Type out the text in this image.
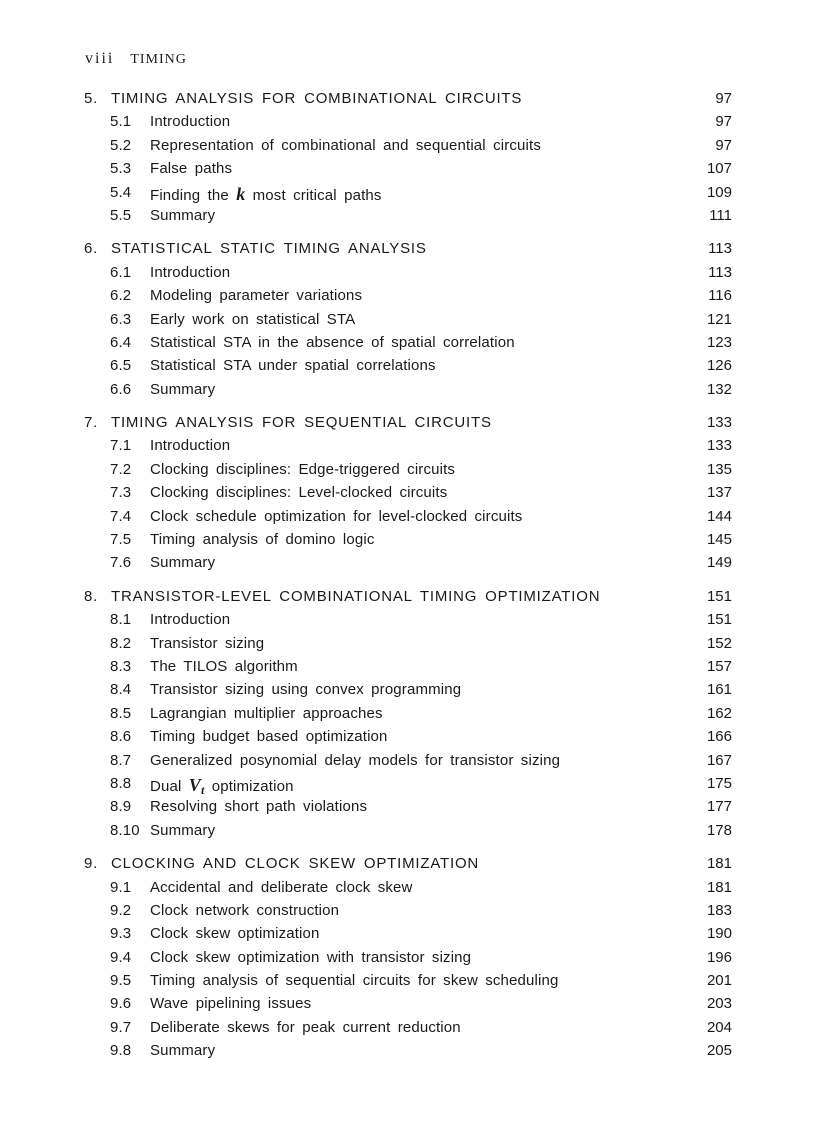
viii TIMING
5. TIMING ANALYSIS FOR COMBINATIONAL CIRCUITS	97
5.1 Introduction	97
5.2 Representation of combinational and sequential circuits	97
5.3 False paths	107
5.4 Finding the k most critical paths	109
5.5 Summary	111
6. STATISTICAL STATIC TIMING ANALYSIS	113
6.1 Introduction	113
6.2 Modeling parameter variations	116
6.3 Early work on statistical STA	121
6.4 Statistical STA in the absence of spatial correlation	123
6.5 Statistical STA under spatial correlations	126
6.6 Summary	132
7. TIMING ANALYSIS FOR SEQUENTIAL CIRCUITS	133
7.1 Introduction	133
7.2 Clocking disciplines: Edge-triggered circuits	135
7.3 Clocking disciplines: Level-clocked circuits	137
7.4 Clock schedule optimization for level-clocked circuits	144
7.5 Timing analysis of domino logic	145
7.6 Summary	149
8. TRANSISTOR-LEVEL COMBINATIONAL TIMING OPTIMIZATION	151
8.1 Introduction	151
8.2 Transistor sizing	152
8.3 The TILOS algorithm	157
8.4 Transistor sizing using convex programming	161
8.5 Lagrangian multiplier approaches	162
8.6 Timing budget based optimization	166
8.7 Generalized posynomial delay models for transistor sizing	167
8.8 Dual $V_t$ optimization	175
8.9 Resolving short path violations	177
8.10 Summary	178
9. CLOCKING AND CLOCK SKEW OPTIMIZATION	181
9.1 Accidental and deliberate clock skew	181
9.2 Clock network construction	183
9.3 Clock skew optimization	190
9.4 Clock skew optimization with transistor sizing	196
9.5 Timing analysis of sequential circuits for skew scheduling	201
9.6 Wave pipelining issues	203
9.7 Deliberate skews for peak current reduction	204
9.8 Summary	205
